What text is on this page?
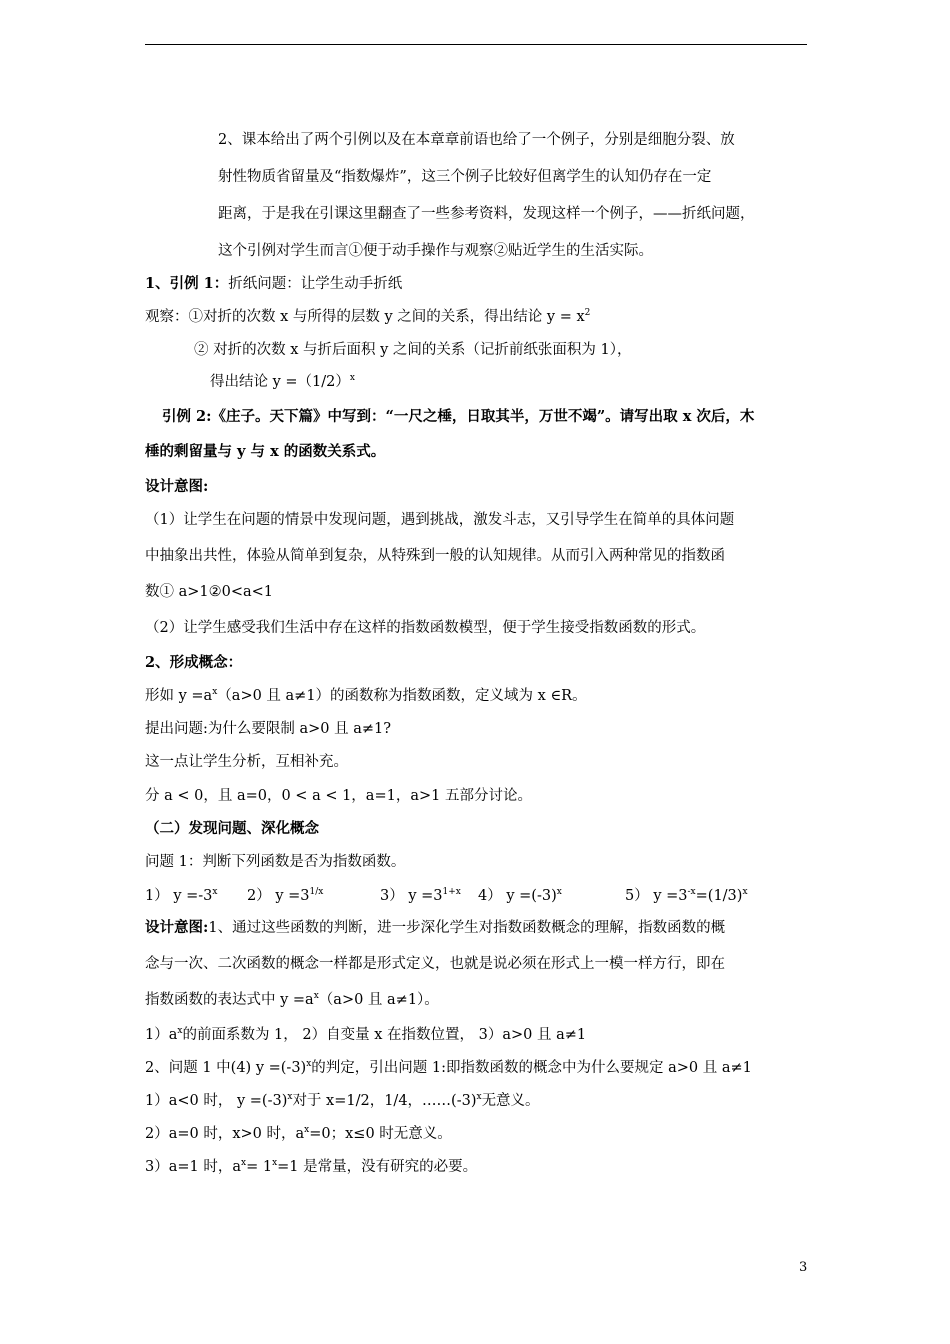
2、课本给出了两个引例以及在本章章前语也给了一个例子，分别是细胞分裂、放
射性物质省留量及“指数爆炸”，这三个例子比较好但离学生的认知仍存在一定
距离，于是我在引课这里翻查了一些参考资料，发现这样一个例子，——折纸问题，
这个引例对学生而言①便于动手操作与观察②贴近学生的生活实际。
1、引例 1：折纸问题：让学生动手折纸
观察：①对折的次数 x 与所得的层数 y 之间的关系，得出结论 $y = x^2$
② 对折的次数 x 与折后面积 y 之间的关系（记折前纸张面积为 1），
得出结论 $y =(1/2)^x$
引例 2:《庄子。天下篇》中写到：“一尺之棰，日取其半，万世不竭”。请写出取 x 次后，木
棰的剩留量与 y 与 x 的函数关系式。
设计意图:
（1）让学生在问题的情景中发现问题，遇到挑战，激发斗志，又引导学生在简单的具体问题
中抽象出共性，体验从简单到复杂，从特殊到一般的认知规律。从而引入两种常见的指数函
数① a>1②0<a<1
（2）让学生感受我们生活中存在这样的指数函数模型，便于学生接受指数函数的形式。
2、形成概念：
形如 $y =a^x(a>0$ 且 a≠1）的函数称为指数函数，定义域为 x ∈R。
提出问题:为什么要限制 a>0 且 a≠1?
这一点让学生分析，互相补充。
分 a < 0，且 a=0，0 < a < 1，a=1，a>1 五部分讨论。
（二）发现问题、深化概念
问题 1：判断下列函数是否为指数函数。
1） $y =-3^x$ 2） $y =3^{1/x}$	3） $y =3^{1+x}$ 4） $y =(-3)^x$	5） $y =3^{-x}=(1/3)^x$
设计意图:1、通过这些函数的判断，进一步深化学生对指数函数概念的理解，指数函数的概
念与一次、二次函数的概念一样都是形式定义，也就是说必须在形式上一模一样方行，即在
指数函数的表达式中 $y =a^x(a>0$ 且 a≠1）。
$1)a^x$的前面系数为 1， 2）自变量 x 在指数位置， 3）a>0 且 a≠1
2、问题 1 中(4) $y =(-3)^x$的判定，引出问题 1:即指数函数的概念中为什么要规定 a>0 且 a≠1
1）a<0 时， $y =(-3)^x$对于 x=1/2，1/4，$\dots\dots(-3)^x$无意义。
2）a=0 时，x>0 时，$a^x=0$；x≤0 时无意义。
3）a=1 时，$a^x= 1^x=1$ 是常量，没有研究的必要。
3
